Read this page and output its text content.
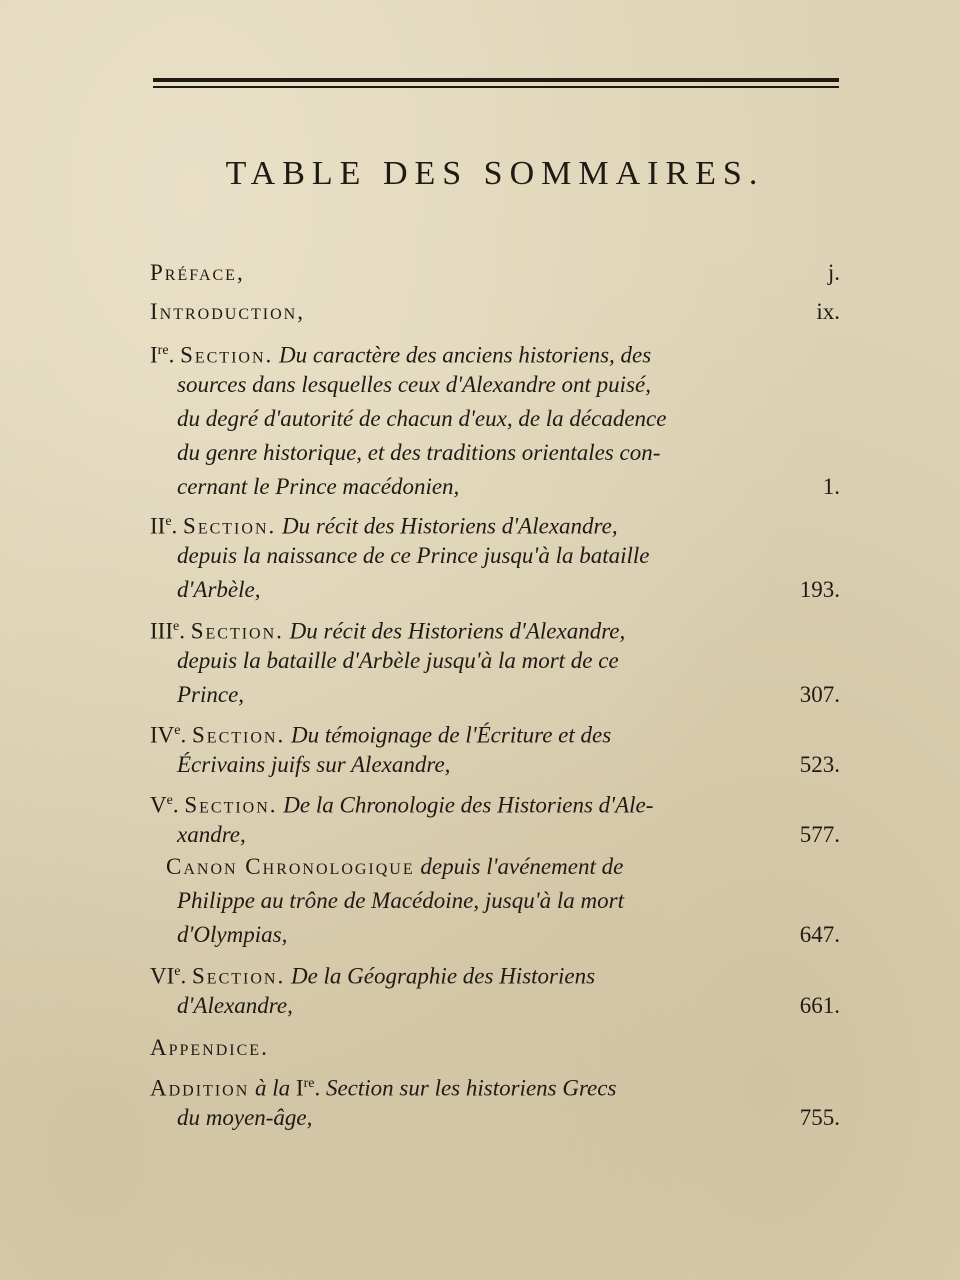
TABLE DES SOMMAIRES.
Préface,	j.
Introduction,	ix.
Ire. Section. Du caractère des anciens historiens, des
sources dans lesquelles ceux d'Alexandre ont puisé,
du degré d'autorité de chacun d'eux, de la décadence
du genre historique, et des traditions orientales con-
cernant le Prince macédonien,	1.
IIe. Section. Du récit des Historiens d'Alexandre,
depuis la naissance de ce Prince jusqu'à la bataille
d'Arbèle,	193.
IIIe. Section. Du récit des Historiens d'Alexandre,
depuis la bataille d'Arbèle jusqu'à la mort de ce
Prince,	307.
IVe. Section. Du témoignage de l'Écriture et des
Écrivains juifs sur Alexandre,	523.
Ve. Section. De la Chronologie des Historiens d'Ale-
xandre,	577.
Canon Chronologique depuis l'avénement de
Philippe au trône de Macédoine, jusqu'à la mort
d'Olympias,	647.
VIe. Section. De la Géographie des Historiens
d'Alexandre,	661.
Appendice.
Addition à la Ire. Section sur les historiens Grecs
du moyen-âge,	755.
